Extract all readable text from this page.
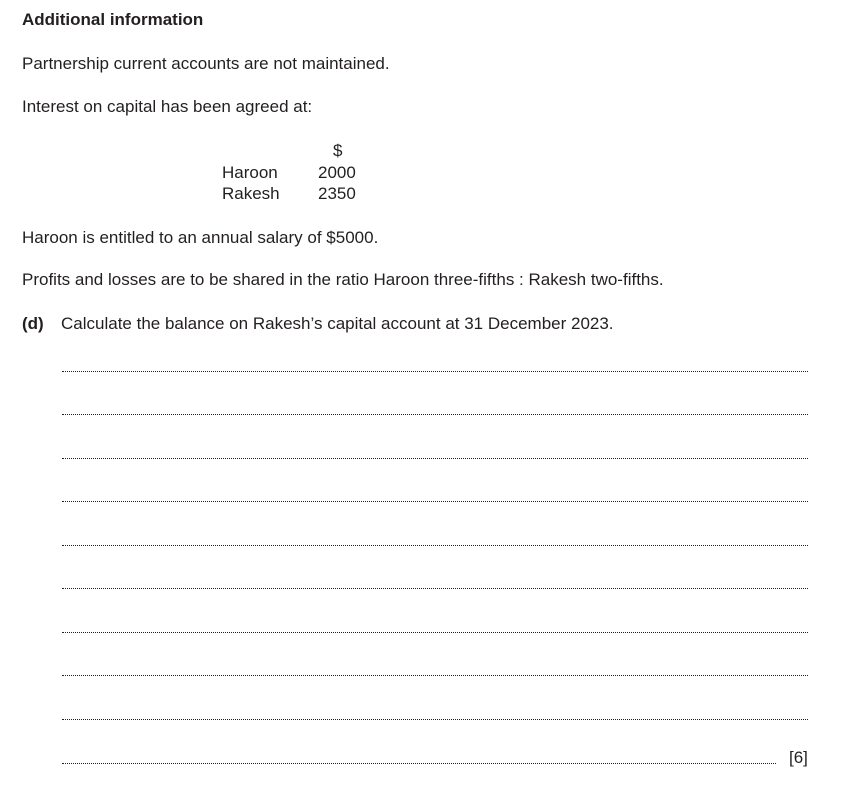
Additional information
Partnership current accounts are not maintained.
Interest on capital has been agreed at:
$
Haroon 2000
Rakesh 2350
Haroon is entitled to an annual salary of $5000.
Profits and losses are to be shared in the ratio Haroon three-fifths : Rakesh two-fifths.
(d) Calculate the balance on Rakesh’s capital account at 31 December 2023.
[6]
